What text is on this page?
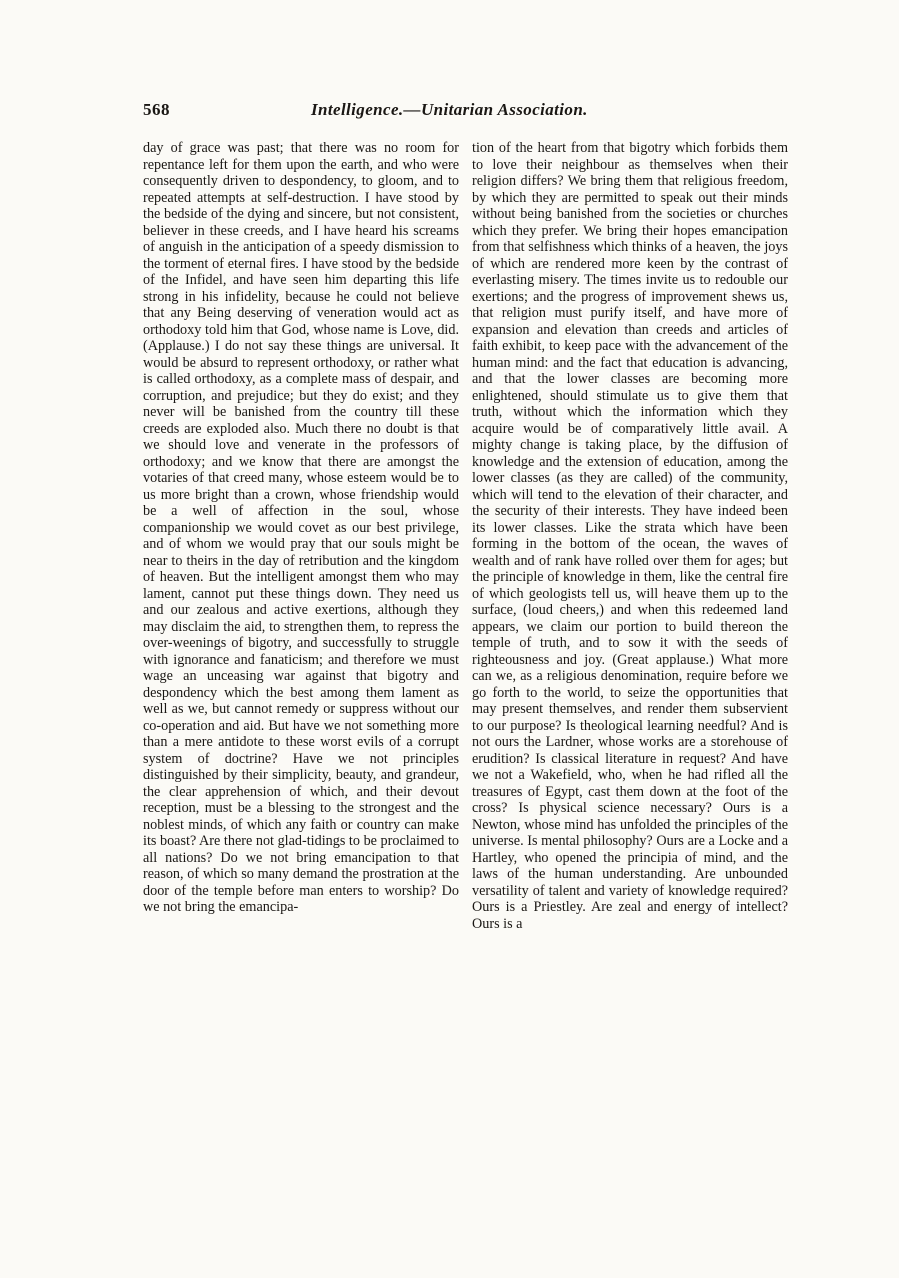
568	Intelligence.—Unitarian Association.

day of grace was past; that there was no room for repentance left for them upon the earth, and who were consequently driven to despondency, to gloom, and to repeated attempts at self-destruction. I have stood by the bedside of the dying and sincere, but not consistent, believer in these creeds, and I have heard his screams of anguish in the anticipation of a speedy dismission to the torment of eternal fires. I have stood by the bedside of the Infidel, and have seen him departing this life strong in his infidelity, because he could not believe that any Being deserving of veneration would act as orthodoxy told him that God, whose name is Love, did. (Applause.) I do not say these things are universal. It would be absurd to represent orthodoxy, or rather what is called orthodoxy, as a complete mass of despair, and corruption, and prejudice; but they do exist; and they never will be banished from the country till these creeds are exploded also. Much there no doubt is that we should love and venerate in the professors of orthodoxy; and we know that there are amongst the votaries of that creed many, whose esteem would be to us more bright than a crown, whose friendship would be a well of affection in the soul, whose companionship we would covet as our best privilege, and of whom we would pray that our souls might be near to theirs in the day of retribution and the kingdom of heaven. But the intelligent amongst them who may lament, cannot put these things down. They need us and our zealous and active exertions, although they may disclaim the aid, to strengthen them, to repress the over-weenings of bigotry, and successfully to struggle with ignorance and fanaticism; and therefore we must wage an unceasing war against that bigotry and despondency which the best among them lament as well as we, but cannot remedy or suppress without our co-operation and aid. But have we not something more than a mere antidote to these worst evils of a corrupt system of doctrine? Have we not principles distinguished by their simplicity, beauty, and grandeur, the clear apprehension of which, and their devout reception, must be a blessing to the strongest and the noblest minds, of which any faith or country can make its boast? Are there not glad-tidings to be proclaimed to all nations? Do we not bring emancipation to that reason, of which so many demand the prostration at the door of the temple before man enters to worship? Do we not bring the emancipa-

tion of the heart from that bigotry which forbids them to love their neighbour as themselves when their religion differs? We bring them that religious freedom, by which they are permitted to speak out their minds without being banished from the societies or churches which they prefer. We bring their hopes emancipation from that selfishness which thinks of a heaven, the joys of which are rendered more keen by the contrast of everlasting misery. The times invite us to redouble our exertions; and the progress of improvement shews us, that religion must purify itself, and have more of expansion and elevation than creeds and articles of faith exhibit, to keep pace with the advancement of the human mind: and the fact that education is advancing, and that the lower classes are becoming more enlightened, should stimulate us to give them that truth, without which the information which they acquire would be of comparatively little avail. A mighty change is taking place, by the diffusion of knowledge and the extension of education, among the lower classes (as they are called) of the community, which will tend to the elevation of their character, and the security of their interests. They have indeed been its lower classes. Like the strata which have been forming in the bottom of the ocean, the waves of wealth and of rank have rolled over them for ages; but the principle of knowledge in them, like the central fire of which geologists tell us, will heave them up to the surface, (loud cheers,) and when this redeemed land appears, we claim our portion to build thereon the temple of truth, and to sow it with the seeds of righteousness and joy. (Great applause.) What more can we, as a religious denomination, require before we go forth to the world, to seize the opportunities that may present themselves, and render them subservient to our purpose? Is theological learning needful? And is not ours the Lardner, whose works are a storehouse of erudition? Is classical literature in request? And have we not a Wakefield, who, when he had rifled all the treasures of Egypt, cast them down at the foot of the cross? Is physical science necessary? Ours is a Newton, whose mind has unfolded the principles of the universe. Is mental philosophy? Ours are a Locke and a Hartley, who opened the principia of mind, and the laws of the human understanding. Are unbounded versatility of talent and variety of knowledge required? Ours is a Priestley. Are zeal and energy of intellect? Ours is a
